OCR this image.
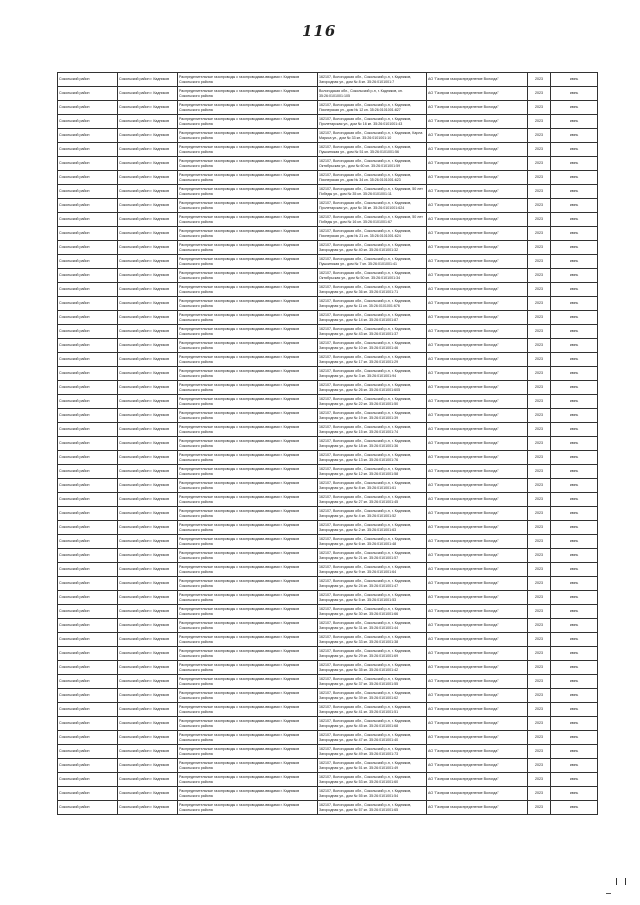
116
Сокольский район	Сокольский район г. Кадников	Распределительные газопроводы с газопроводами-вводами г. Кадников Сокольского района	162107, Вологодская обл., Сокольский р-н, г. Кадников, Загородная ул., дом № 8 кн. 35:26:0101001:7	АО "Газпром газораспределение Вологда"	2023	июнь
Сокольский район	Сокольский район г. Кадников	Распределительные газопроводы с газопроводами-вводами г. Кадников Сокольского района	Вологодская обл., Сокольский р-н, г. Кадников, кн. 35:26:0101001:105	АО "Газпром газораспределение Вологда"	2023	июнь
Сокольский район	Сокольский район г. Кадников	Распределительные газопроводы с газопроводами-вводами г. Кадников Сокольского района	162107, Вологодская обл., Сокольский р-н, г. Кадников, Пионерская ул., дом № 12 кн. 35:26:0101001:827	АО "Газпром газораспределение Вологда"	2023	июнь
Сокольский район	Сокольский район г. Кадников	Распределительные газопроводы с газопроводами-вводами г. Кадников Сокольского района	162107, Вологодская обл., Сокольский р-н, г. Кадников, Пролетарская ул., дом № 16 кн. 35:26:0101001:43	АО "Газпром газораспределение Вологда"	2023	июнь
Сокольский район	Сокольский район г. Кадников	Распределительные газопроводы с газопроводами-вводами г. Кадников Сокольского района	162107, Вологодская обл., Сокольский р-н, г. Кадников, Карла Маркса ул., дом № 33 кн. 35:26:0101001:10	АО "Газпром газораспределение Вологда"	2023	июнь
Сокольский район	Сокольский район г. Кадников	Распределительные газопроводы с газопроводами-вводами г. Кадников Сокольского района	162107, Вологодская обл., Сокольский р-н, г. Кадников, Пушкинская ул., дом № 51 кн. 35:26:0101001:56	АО "Газпром газораспределение Вологда"	2023	июнь
Сокольский район	Сокольский район г. Кадников	Распределительные газопроводы с газопроводами-вводами г. Кадников Сокольского района	162107, Вологодская обл., Сокольский р-н, г. Кадников, Октябрьская ул., дом № 60 кн. 35:26:0101001:59	АО "Газпром газораспределение Вологда"	2023	июнь
Сокольский район	Сокольский район г. Кадников	Распределительные газопроводы с газопроводами-вводами г. Кадников Сокольского района	162107, Вологодская обл., Сокольский р-н, г. Кадников, Пионерская ул., дом № 34 кн. 35:26:0101001:623	АО "Газпром газораспределение Вологда"	2023	июнь
Сокольский район	Сокольский район г. Кадников	Распределительные газопроводы с газопроводами-вводами г. Кадников Сокольского района	162107, Вологодская обл., Сокольский р-н, г. Кадников, 50 лет Победы ул., дом № 35 кн. 35:26:0101001:11	АО "Газпром газораспределение Вологда"	2023	июнь
Сокольский район	Сокольский район г. Кадников	Распределительные газопроводы с газопроводами-вводами г. Кадников Сокольского района	162107, Вологодская обл., Сокольский р-н, г. Кадников, Пролетарская ул., дом № 36 кн. 35:26:0101001:624	АО "Газпром газораспределение Вологда"	2023	июнь
Сокольский район	Сокольский район г. Кадников	Распределительные газопроводы с газопроводами-вводами г. Кадников Сокольского района	162107, Вологодская обл., Сокольский р-н, г. Кадников, 50 лет Победы ул., дом № 16 кн. 35:26:0101001:67	АО "Газпром газораспределение Вологда"	2023	июнь
Сокольский район	Сокольский район г. Кадников	Распределительные газопроводы с газопроводами-вводами г. Кадников Сокольского района	162107, Вологодская обл., Сокольский р-н, г. Кадников, Пионерская ул., дом № 21 кн. 35:26:0101001:624	АО "Газпром газораспределение Вологда"	2023	июнь
Сокольский район	Сокольский район г. Кадников	Распределительные газопроводы с газопроводами-вводами г. Кадников Сокольского района	162107, Вологодская обл., Сокольский р-н, г. Кадников, Загородная ул., дом № 40 кн. 35:26:0101001:32	АО "Газпром газораспределение Вологда"	2023	июнь
Сокольский район	Сокольский район г. Кадников	Распределительные газопроводы с газопроводами-вводами г. Кадников Сокольского района	162107, Вологодская обл., Сокольский р-н, г. Кадников, Пушкинская ул., дом № 7 кн. 35:26:0101001:41	АО "Газпром газораспределение Вологда"	2023	июнь
Сокольский район	Сокольский район г. Кадников	Распределительные газопроводы с газопроводами-вводами г. Кадников Сокольского района	162107, Вологодская обл., Сокольский р-н, г. Кадников, Октябрьская ул., дом № 50 кн. 35:26:0101001:34	АО "Газпром газораспределение Вологда"	2023	июнь
Сокольский район	Сокольский район г. Кадников	Распределительные газопроводы с газопроводами-вводами г. Кадников Сокольского района	162107, Вологодская обл., Сокольский р-н, г. Кадников, Загородная ул., дом № 36 кн. 35:26:0101001:71	АО "Газпром газораспределение Вологда"	2023	июнь
Сокольский район	Сокольский район г. Кадников	Распределительные газопроводы с газопроводами-вводами г. Кадников Сокольского района	162107, Вологодская обл., Сокольский р-н, г. Кадников, Загородная ул., дом № 11 кн. 35:26:0101001:676	АО "Газпром газораспределение Вологда"	2023	июнь
Сокольский район	Сокольский район г. Кадников	Распределительные газопроводы с газопроводами-вводами г. Кадников Сокольского района	162107, Вологодская обл., Сокольский р-н, г. Кадников, Загородная ул., дом № 14 кн. 35:26:0101001:87	АО "Газпром газораспределение Вологда"	2023	июнь
Сокольский район	Сокольский район г. Кадников	Распределительные газопроводы с газопроводами-вводами г. Кадников Сокольского района	162107, Вологодская обл., Сокольский р-н, г. Кадников, Загородная ул., дом № 43 кн. 35:26:0101001:37	АО "Газпром газораспределение Вологда"	2023	июнь
Сокольский район	Сокольский район г. Кадников	Распределительные газопроводы с газопроводами-вводами г. Кадников Сокольского района	162107, Вологодская обл., Сокольский р-н, г. Кадников, Загородная ул., дом № 10 кн. 35:26:0101001:46	АО "Газпром газораспределение Вологда"	2023	июнь
Сокольский район	Сокольский район г. Кадников	Распределительные газопроводы с газопроводами-вводами г. Кадников Сокольского района	162107, Вологодская обл., Сокольский р-н, г. Кадников, Загородная ул., дом № 17 кн. 35:26:0101001:29	АО "Газпром газораспределение Вологда"	2023	июнь
Сокольский район	Сокольский район г. Кадников	Распределительные газопроводы с газопроводами-вводами г. Кадников Сокольского района	162107, Вологодская обл., Сокольский р-н, г. Кадников, Загородная ул., дом № 3 кн. 35:26:0101001:94	АО "Газпром газораспределение Вологда"	2023	июнь
Сокольский район	Сокольский район г. Кадников	Распределительные газопроводы с газопроводами-вводами г. Кадников Сокольского района	162107, Вологодская обл., Сокольский р-н, г. Кадников, Загородная ул., дом № 26 кн. 35:26:0101001:605	АО "Газпром газораспределение Вологда"	2023	июнь
Сокольский район	Сокольский район г. Кадников	Распределительные газопроводы с газопроводами-вводами г. Кадников Сокольского района	162107, Вологодская обл., Сокольский р-н, г. Кадников, Загородная ул., дом № 22 кн. 35:26:0101001:50	АО "Газпром газораспределение Вологда"	2023	июнь
Сокольский район	Сокольский район г. Кадников	Распределительные газопроводы с газопроводами-вводами г. Кадников Сокольского района	162107, Вологодская обл., Сокольский р-н, г. Кадников, Загородная ул., дом № 19 кн. 35:26:0101001:39	АО "Газпром газораспределение Вологда"	2023	июнь
Сокольский район	Сокольский район г. Кадников	Распределительные газопроводы с газопроводами-вводами г. Кадников Сокольского района	162107, Вологодская обл., Сокольский р-н, г. Кадников, Загородная ул., дом № 15 кн. 35:26:0101001:74	АО "Газпром газораспределение Вологда"	2023	июнь
Сокольский район	Сокольский район г. Кадников	Распределительные газопроводы с газопроводами-вводами г. Кадников Сокольского района	162107, Вологодская обл., Сокольский р-н, г. Кадников, Загородная ул., дом № 18 кн. 35:26:0101001:36	АО "Газпром газораспределение Вологда"	2023	июнь
Сокольский район	Сокольский район г. Кадников	Распределительные газопроводы с газопроводами-вводами г. Кадников Сокольского района	162107, Вологодская обл., Сокольский р-н, г. Кадников, Загородная ул., дом № 13 кн. 35:26:0101001:76	АО "Газпром газораспределение Вологда"	2023	июнь
Сокольский район	Сокольский район г. Кадников	Распределительные газопроводы с газопроводами-вводами г. Кадников Сокольского района	162107, Вологодская обл., Сокольский р-н, г. Кадников, Загородная ул., дом № 12 кн. 35:26:0101001:58	АО "Газпром газораспределение Вологда"	2023	июнь
Сокольский район	Сокольский район г. Кадников	Распределительные газопроводы с газопроводами-вводами г. Кадников Сокольского района	162107, Вологодская обл., Сокольский р-н, г. Кадников, Загородная ул., дом № 8 кн. 35:26:0101001:61	АО "Газпром газораспределение Вологда"	2023	июнь
Сокольский район	Сокольский район г. Кадников	Распределительные газопроводы с газопроводами-вводами г. Кадников Сокольского района	162107, Вологодская обл., Сокольский р-н, г. Кадников, Загородная ул., дом № 27 кн. 35:26:0101001:45	АО "Газпром газораспределение Вологда"	2023	июнь
Сокольский район	Сокольский район г. Кадников	Распределительные газопроводы с газопроводами-вводами г. Кадников Сокольского района	162107, Вологодская обл., Сокольский р-н, г. Кадников, Загородная ул., дом № 4 кн. 35:26:0101001:52	АО "Газпром газораспределение Вологда"	2023	июнь
Сокольский район	Сокольский район г. Кадников	Распределительные газопроводы с газопроводами-вводами г. Кадников Сокольского района	162107, Вологодская обл., Сокольский р-н, г. Кадников, Загородная ул., дом № 2 кн. 35:26:0101001:63	АО "Газпром газораспределение Вологда"	2023	июнь
Сокольский район	Сокольский район г. Кадников	Распределительные газопроводы с газопроводами-вводами г. Кадников Сокольского района	162107, Вологодская обл., Сокольский р-н, г. Кадников, Загородная ул., дом № 6 кн. 35:26:0101001:48	АО "Газпром газораспределение Вологда"	2023	июнь
Сокольский район	Сокольский район г. Кадников	Распределительные газопроводы с газопроводами-вводами г. Кадников Сокольского района	162107, Вологодская обл., Сокольский р-н, г. Кадников, Загородная ул., дом № 21 кн. 35:26:0101001:57	АО "Газпром газораспределение Вологда"	2023	июнь
Сокольский район	Сокольский район г. Кадников	Распределительные газопроводы с газопроводами-вводами г. Кадников Сокольского района	162107, Вологодская обл., Сокольский р-н, г. Кадников, Загородная ул., дом № 9 кн. 35:26:0101001:64	АО "Газпром газораспределение Вологда"	2023	июнь
Сокольский район	Сокольский район г. Кадников	Распределительные газопроводы с газопроводами-вводами г. Кадников Сокольского района	162107, Вологодская обл., Сокольский р-н, г. Кадников, Загородная ул., дом № 24 кн. 35:26:0101001:47	АО "Газпром газораспределение Вологда"	2023	июнь
Сокольский район	Сокольский район г. Кадников	Распределительные газопроводы с газопроводами-вводами г. Кадников Сокольского района	162107, Вологодская обл., Сокольский р-н, г. Кадников, Загородная ул., дом № 5 кн. 35:26:0101001:53	АО "Газпром газораспределение Вологда"	2023	июнь
Сокольский район	Сокольский район г. Кадников	Распределительные газопроводы с газопроводами-вводами г. Кадников Сокольского района	162107, Вологодская обл., Сокольский р-н, г. Кадников, Загородная ул., дом № 30 кн. 35:26:0101001:66	АО "Газпром газораспределение Вологда"	2023	июнь
Сокольский район	Сокольский район г. Кадников	Распределительные газопроводы с газопроводами-вводами г. Кадников Сокольского района	162107, Вологодская обл., Сокольский р-н, г. Кадников, Загородная ул., дом № 31 кн. 35:26:0101001:44	АО "Газпром газораспределение Вологда"	2023	июнь
Сокольский район	Сокольский район г. Кадников	Распределительные газопроводы с газопроводами-вводами г. Кадников Сокольского района	162107, Вологодская обл., Сокольский р-н, г. Кадников, Загородная ул., дом № 33 кн. 35:26:0101001:38	АО "Газпром газораспределение Вологда"	2023	июнь
Сокольский район	Сокольский район г. Кадников	Распределительные газопроводы с газопроводами-вводами г. Кадников Сокольского района	162107, Вологодская обл., Сокольский р-н, г. Кадников, Загородная ул., дом № 29 кн. 35:26:0101001:69	АО "Газпром газораспределение Вологда"	2023	июнь
Сокольский район	Сокольский район г. Кадников	Распределительные газопроводы с газопроводами-вводами г. Кадников Сокольского района	162107, Вологодская обл., Сокольский р-н, г. Кадников, Загородная ул., дом № 35 кн. 35:26:0101001:42	АО "Газпром газораспределение Вологда"	2023	июнь
Сокольский район	Сокольский район г. Кадников	Распределительные газопроводы с газопроводами-вводами г. Кадников Сокольского района	162107, Вологодская обл., Сокольский р-н, г. Кадников, Загородная ул., дом № 37 кн. 35:26:0101001:55	АО "Газпром газораспределение Вологда"	2023	июнь
Сокольский район	Сокольский район г. Кадников	Распределительные газопроводы с газопроводами-вводами г. Кадников Сокольского района	162107, Вологодская обл., Сокольский р-н, г. Кадников, Загородная ул., дом № 39 кн. 35:26:0101001:62	АО "Газпром газораспределение Вологда"	2023	июнь
Сокольский район	Сокольский район г. Кадников	Распределительные газопроводы с газопроводами-вводами г. Кадников Сокольского района	162107, Вологодская обл., Сокольский р-н, г. Кадников, Загородная ул., дом № 41 кн. 35:26:0101001:51	АО "Газпром газораспределение Вологда"	2023	июнь
Сокольский район	Сокольский район г. Кадников	Распределительные газопроводы с газопроводами-вводами г. Кадников Сокольского района	162107, Вологодская обл., Сокольский р-н, г. Кадников, Загородная ул., дом № 45 кн. 35:26:0101001:68	АО "Газпром газораспределение Вологда"	2023	июнь
Сокольский район	Сокольский район г. Кадников	Распределительные газопроводы с газопроводами-вводами г. Кадников Сокольского района	162107, Вологодская обл., Сокольский р-н, г. Кадников, Загородная ул., дом № 47 кн. 35:26:0101001:40	АО "Газпром газораспределение Вологда"	2023	июнь
Сокольский район	Сокольский район г. Кадников	Распределительные газопроводы с газопроводами-вводами г. Кадников Сокольского района	162107, Вологодская обл., Сокольский р-н, г. Кадников, Загородная ул., дом № 49 кн. 35:26:0101001:73	АО "Газпром газораспределение Вологда"	2023	июнь
Сокольский район	Сокольский район г. Кадников	Распределительные газопроводы с газопроводами-вводами г. Кадников Сокольского района	162107, Вологодская обл., Сокольский р-н, г. Кадников, Загородная ул., дом № 51 кн. 35:26:0101001:49	АО "Газпром газораспределение Вологда"	2023	июнь
Сокольский район	Сокольский район г. Кадников	Распределительные газопроводы с газопроводами-вводами г. Кадников Сокольского района	162107, Вологодская обл., Сокольский р-н, г. Кадников, Загородная ул., дом № 53 кн. 35:26:0101001:60	АО "Газпром газораспределение Вологда"	2023	июнь
Сокольский район	Сокольский район г. Кадников	Распределительные газопроводы с газопроводами-вводами г. Кадников Сокольского района	162107, Вологодская обл., Сокольский р-н, г. Кадников, Загородная ул., дом № 55 кн. 35:26:0101001:54	АО "Газпром газораспределение Вологда"	2023	июнь
Сокольский район	Сокольский район г. Кадников	Распределительные газопроводы с газопроводами-вводами г. Кадников Сокольского района	162107, Вологодская обл., Сокольский р-н, г. Кадников, Загородная ул., дом № 57 кн. 35:26:0101001:65	АО "Газпром газораспределение Вологда"	2023	июнь
